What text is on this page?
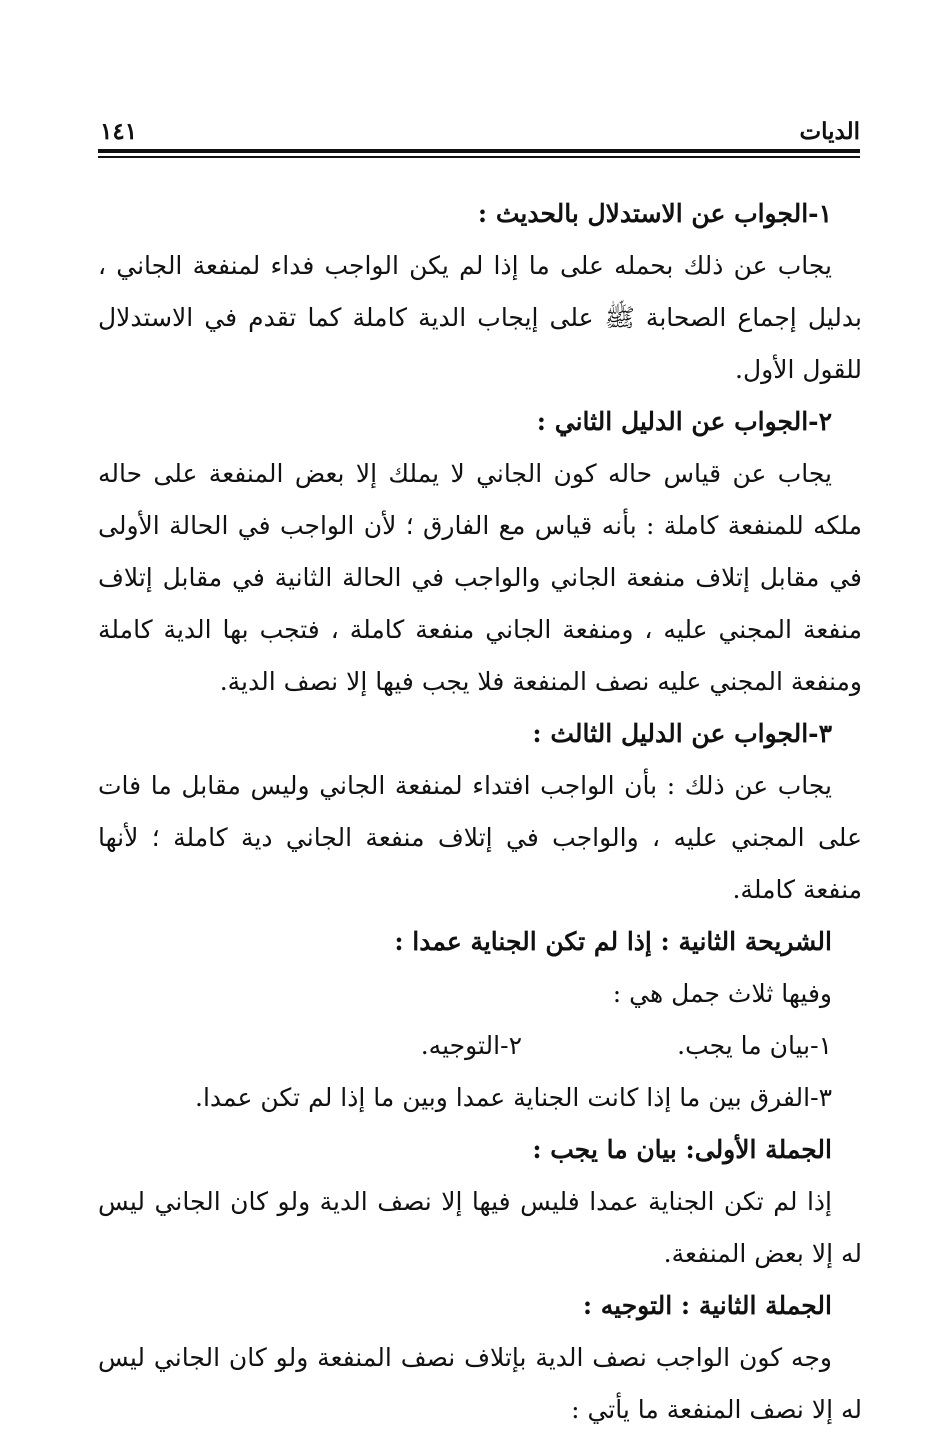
الديات
١٤١

١-الجواب عن الاستدلال بالحديث :

يجاب عن ذلك بحمله على ما إذا لم يكن الواجب فداء لمنفعة الجاني ، بدليل إجماع الصحابة ﷺ على إيجاب الدية كاملة كما تقدم في الاستدلال للقول الأول.

٢-الجواب عن الدليل الثاني :

يجاب عن قياس حاله كون الجاني لا يملك إلا بعض المنفعة على حاله ملكه للمنفعة كاملة : بأنه قياس مع الفارق ؛ لأن الواجب في الحالة الأولى في مقابل إتلاف منفعة الجاني والواجب في الحالة الثانية في مقابل إتلاف منفعة المجني عليه ، ومنفعة الجاني منفعة كاملة ، فتجب بها الدية كاملة ومنفعة المجني عليه نصف المنفعة فلا يجب فيها إلا نصف الدية.

٣-الجواب عن الدليل الثالث :

يجاب عن ذلك : بأن الواجب افتداء لمنفعة الجاني وليس مقابل ما فات على المجني عليه ، والواجب في إتلاف منفعة الجاني دية كاملة ؛ لأنها منفعة كاملة.

الشريحة الثانية : إذا لم تكن الجناية عمدا :

وفيها ثلاث جمل هي :

١-بيان ما يجب.
٢-التوجيه.

٣-الفرق بين ما إذا كانت الجناية عمدا وبين ما إذا لم تكن عمدا.

الجملة الأولى: بيان ما يجب :

إذا لم تكن الجناية عمدا فليس فيها إلا نصف الدية ولو كان الجاني ليس له إلا بعض المنفعة.

الجملة الثانية : التوجيه :

وجه كون الواجب نصف الدية بإتلاف نصف المنفعة ولو كان الجاني ليس له إلا نصف المنفعة ما يأتي :
